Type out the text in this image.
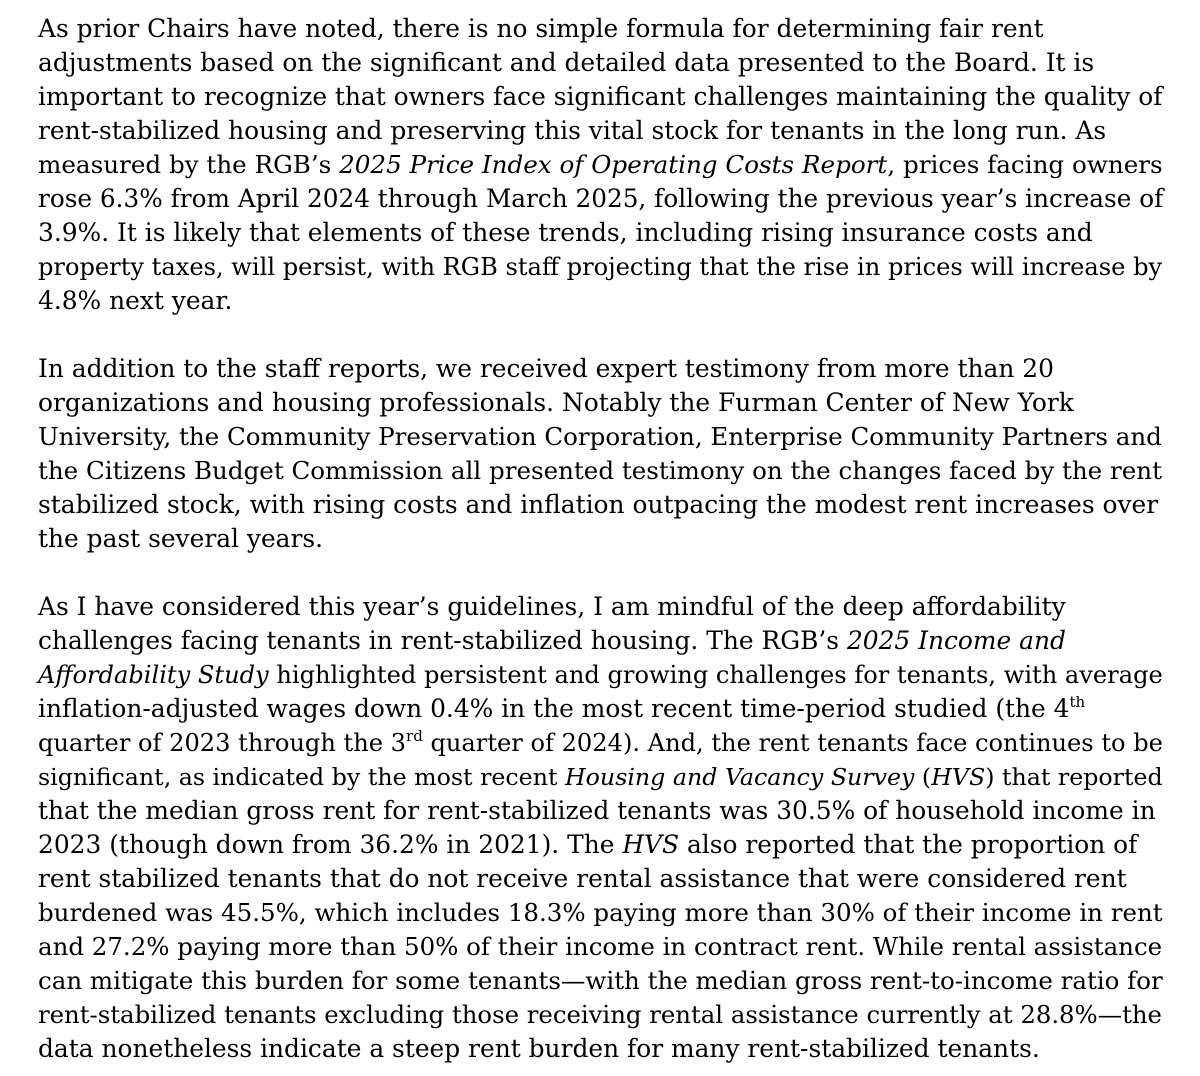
As prior Chairs have noted, there is no simple formula for determining fair rent
adjustments based on the significant and detailed data presented to the Board. It is
important to recognize that owners face significant challenges maintaining the quality of
rent-stabilized housing and preserving this vital stock for tenants in the long run. As
measured by the RGB’s 2025 Price Index of Operating Costs Report, prices facing owners
rose 6.3% from April 2024 through March 2025, following the previous year’s increase of
3.9%. It is likely that elements of these trends, including rising insurance costs and
property taxes, will persist, with RGB staff projecting that the rise in prices will increase by
4.8% next year.
In addition to the staff reports, we received expert testimony from more than 20
organizations and housing professionals. Notably the Furman Center of New York
University, the Community Preservation Corporation, Enterprise Community Partners and
the Citizens Budget Commission all presented testimony on the changes faced by the rent
stabilized stock, with rising costs and inflation outpacing the modest rent increases over
the past several years.
As I have considered this year’s guidelines, I am mindful of the deep affordability
challenges facing tenants in rent-stabilized housing. The RGB’s 2025 Income and
Affordability Study highlighted persistent and growing challenges for tenants, with average
inflation-adjusted wages down 0.4% in the most recent time-period studied (the 4th
quarter of 2023 through the 3rd quarter of 2024). And, the rent tenants face continues to be
significant, as indicated by the most recent Housing and Vacancy Survey (HVS) that reported
that the median gross rent for rent-stabilized tenants was 30.5% of household income in
2023 (though down from 36.2% in 2021). The HVS also reported that the proportion of
rent stabilized tenants that do not receive rental assistance that were considered rent
burdened was 45.5%, which includes 18.3% paying more than 30% of their income in rent
and 27.2% paying more than 50% of their income in contract rent. While rental assistance
can mitigate this burden for some tenants—with the median gross rent-to-income ratio for
rent-stabilized tenants excluding those receiving rental assistance currently at 28.8%—the
data nonetheless indicate a steep rent burden for many rent-stabilized tenants.
